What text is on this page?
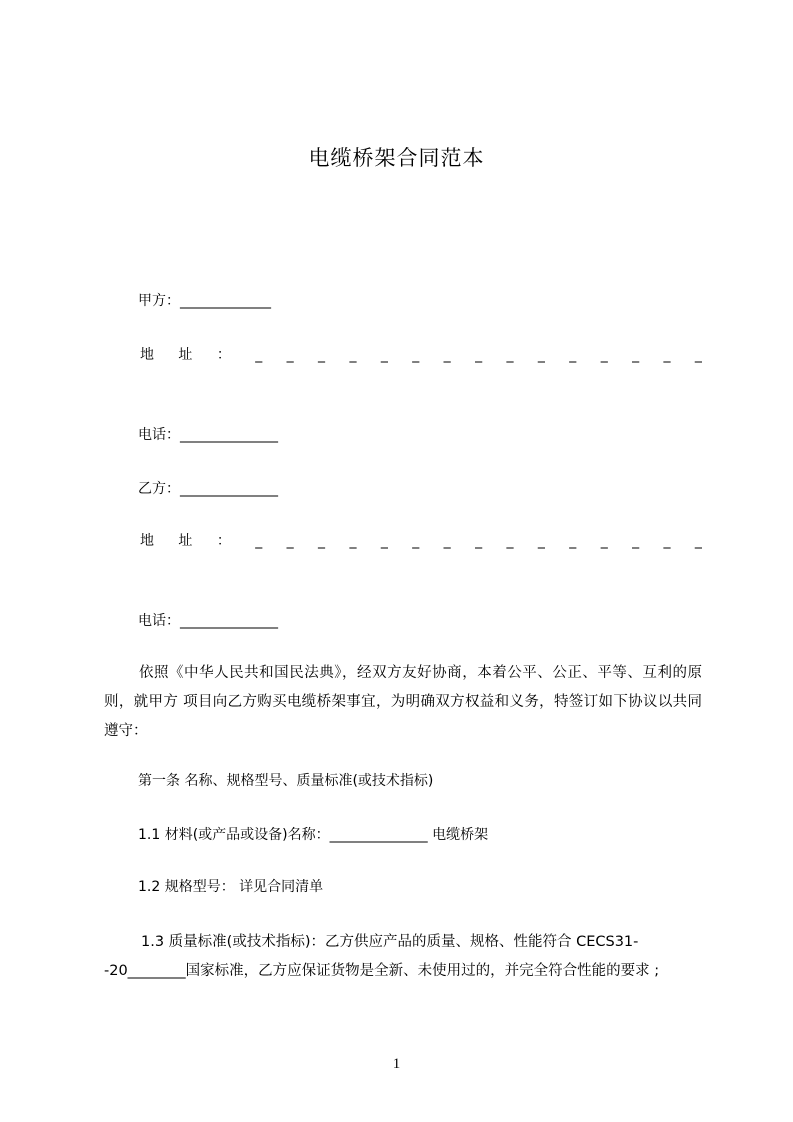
电缆桥架合同范本
甲方：_____________
地 址 ： _ _ _ _ _ _ _ _ _ _ _ _ _ _ _
电话：______________
乙方：______________
地 址 ： _ _ _ _ _ _ _ _ _ _ _ _ _ _ _
电话：______________
依照《中华人民共和国民法典》，经双方友好协商，本着公平、公正、平等、互利的原则，就甲方 项目向乙方购买电缆桥架事宜，为明确双方权益和义务，特签订如下协议以共同遵守：
第一条 名称、规格型号、质量标准(或技术指标)
1.1 材料(或产品或设备)名称：______________ 电缆桥架
1.2 规格型号： 详见合同清单
1.3 质量标准(或技术指标)：乙方供应产品的质量、规格、性能符合 CECS31--20________国家标准，乙方应保证货物是全新、未使用过的，并完全符合性能的要求 ;
1
